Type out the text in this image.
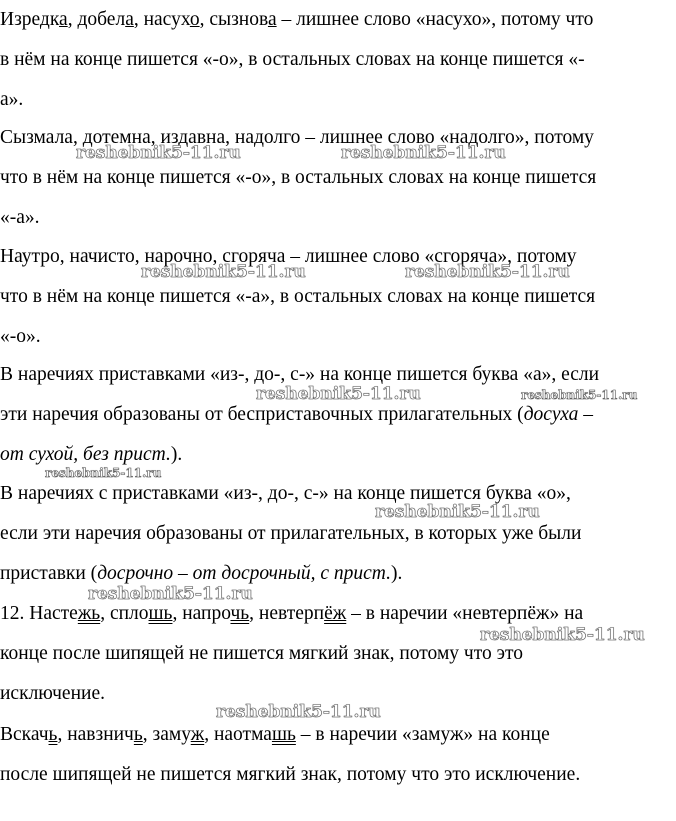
Изредка, добела, насухо, сызнова – лишнее слово «насухо», потому что
в нём на конце пишется «-о», в остальных словах на конце пишется «-
а».
Сызмала, дотемна, издавна, надолго – лишнее слово «надолго», потому
что в нём на конце пишется «-о», в остальных словах на конце пишется
«-а».
Наутро, начисто, нарочно, сгоряча – лишнее слово «сгоряча», потому
что в нём на конце пишется «-а», в остальных словах на конце пишется
«-о».
В наречиях приставками «из-, до-, с-» на конце пишется буква «а», если
эти наречия образованы от бесприставочных прилагательных (досуха –
от сухой, без прист.).
В наречиях с приставками «из-, до-, с-» на конце пишется буква «о»,
если эти наречия образованы от прилагательных, в которых уже были
приставки (досрочно – от досрочный, с прист.).
12. Настежь, сплошь, напрочь, невтерпёж – в наречии «невтерпёж» на
конце после шипящей не пишется мягкий знак, потому что это
исключение.
Вскачь, навзничь, замуж, наотмашь – в наречии «замуж» на конце
после шипящей не пишется мягкий знак, потому что это исключение.
reshebnik5-11.ru	reshebnik5-11.ru
reshebnik5-11.ru	reshebnik5-11.ru
reshebnik5-11.ru	reshebnik5-11.ru
reshebnik5-11.ru
reshebnik5-11.ru
reshebnik5-11.ru
reshebnik5-11.ru
reshebnik5-11.ru
